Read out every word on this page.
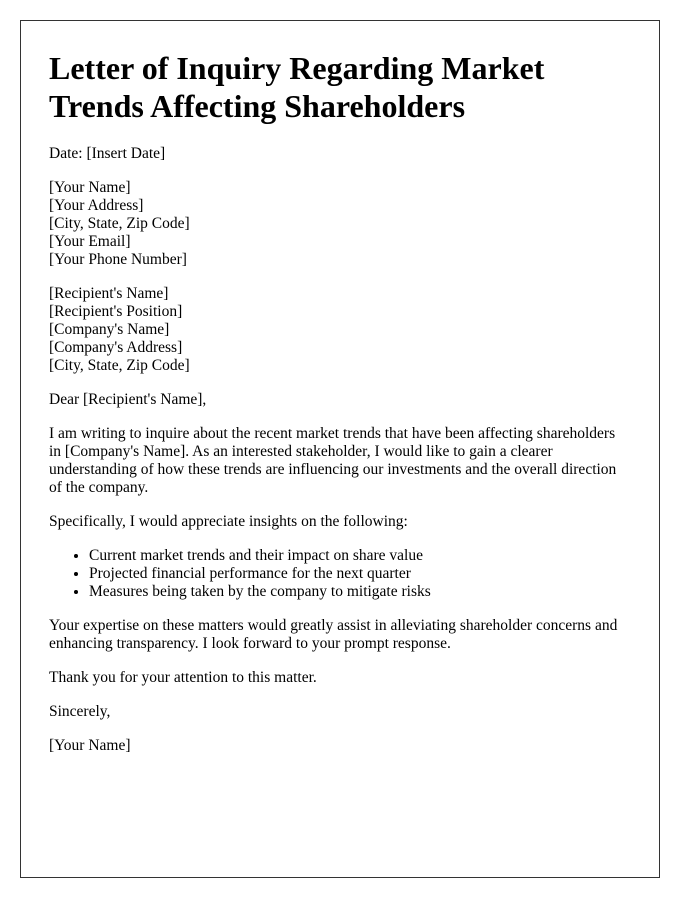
Letter of Inquiry Regarding Market Trends Affecting Shareholders

Date: [Insert Date]

[Your Name]
[Your Address]
[City, State, Zip Code]
[Your Email]
[Your Phone Number]
[Recipient's Name]
[Recipient's Position]
[Company's Name]
[Company's Address]
[City, State, Zip Code]

Dear [Recipient's Name],

I am writing to inquire about the recent market trends that have been affecting shareholders in [Company's Name]. As an interested stakeholder, I would like to gain a clearer understanding of how these trends are influencing our investments and the overall direction of the company.

Specifically, I would appreciate insights on the following:

• Current market trends and their impact on share value
• Projected financial performance for the next quarter
• Measures being taken by the company to mitigate risks

Your expertise on these matters would greatly assist in alleviating shareholder concerns and enhancing transparency. I look forward to your prompt response.

Thank you for your attention to this matter.

Sincerely,

[Your Name]
